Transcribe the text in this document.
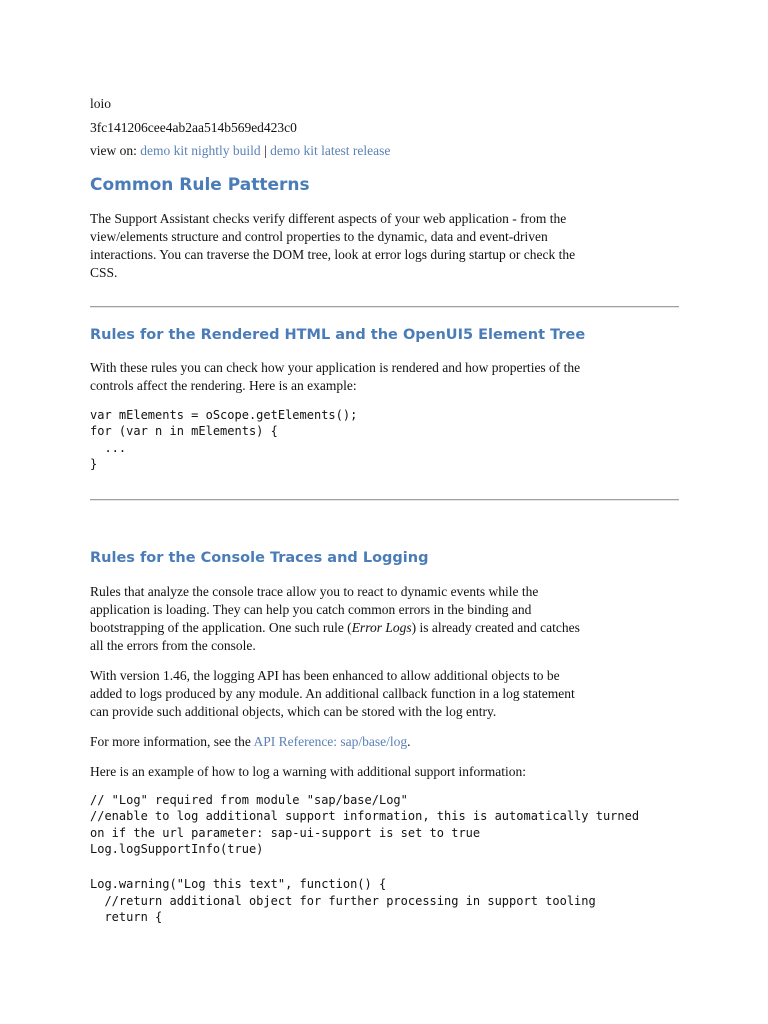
loio

3fc141206cee4ab2aa514b569ed423c0

view on: demo kit nightly build | demo kit latest release

Common Rule Patterns

The Support Assistant checks verify different aspects of your web application - from the

view/elements structure and control properties to the dynamic, data and event-driven

interactions. You can traverse the DOM tree, look at error logs during startup or check the

CSS.

Rules for the Rendered HTML and the OpenUI5 Element Tree

With these rules you can check how your application is rendered and how properties of the

controls affect the rendering. Here is an example:

var mElements = oScope.getElements();

for (var n in mElements) {

...

}

Rules for the Console Traces and Logging

Rules that analyze the console trace allow you to react to dynamic events while the

application is loading. They can help you catch common errors in the binding and

bootstrapping of the application. One such rule (Error Logs) is already created and catches

all the errors from the console.

With version 1.46, the logging API has been enhanced to allow additional objects to be

added to logs produced by any module. An additional callback function in a log statement

can provide such additional objects, which can be stored with the log entry.

For more information, see the API Reference: sap/base/log.

Here is an example of how to log a warning with additional support information:

// "Log" required from module "sap/base/Log"

//enable to log additional support information, this is automatically turned

on if the url parameter: sap-ui-support is set to true

Log.logSupportInfo(true)

Log.warning("Log this text", function() {

//return additional object for further processing in support tooling

return {
